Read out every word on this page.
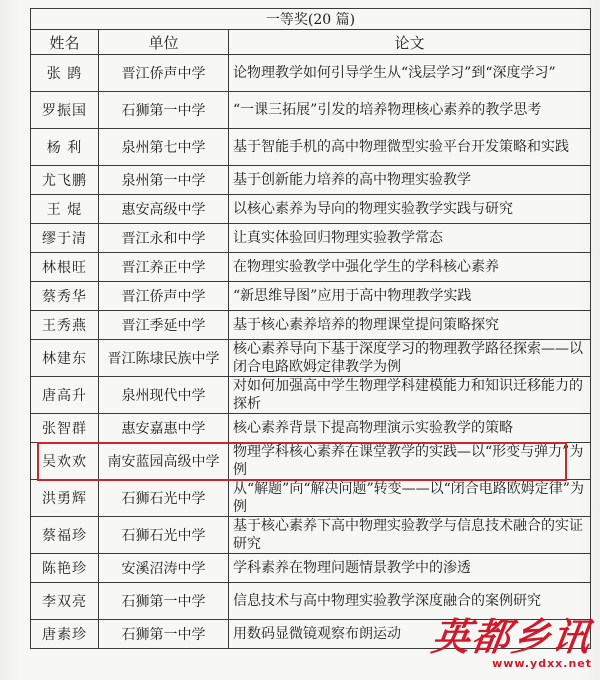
一等奖(20 篇)		
姓名	单位	论文
张 鹍	晋江侨声中学	论物理教学如何引导学生从“浅层学习”到“深度学习”
罗振国	石狮第一中学	“一课三拓展”引发的培养物理核心素养的教学思考
杨 利	泉州第七中学	基于智能手机的高中物理微型实验平台开发策略和实践
尤飞鹏	泉州第一中学	基于创新能力培养的高中物理实验教学
王 焜	惠安高级中学	以核心素养为导向的物理实验教学实践与研究
缪于清	晋江永和中学	让真实体验回归物理实验教学常态
林根旺	晋江养正中学	在物理实验教学中强化学生的学科核心素养
蔡秀华	晋江侨声中学	“新思维导图”应用于高中物理教学实践
王秀燕	晋江季延中学	基于核心素养培养的物理课堂提问策略探究
林建东	晋江陈埭民族中学	核心素养导向下基于深度学习的物理教学路径探索——以闭合电路欧姆定律教学为例
唐高升	泉州现代中学	对如何加强高中学生物理学科建模能力和知识迁移能力的探析
张智群	惠安嘉惠中学	核心素养背景下提高物理演示实验教学的策略
吴欢欢	南安蓝园高级中学	物理学科核心素养在课堂教学的实践—以“形变与弹力”为例
洪勇辉	石狮石光中学	从“解题”向“解决问题”转变——以“闭合电路欧姆定律”为例
蔡福珍	石狮石光中学	基于核心素养下高中物理实验教学与信息技术融合的实证研究
陈艳珍	安溪沼涛中学	学科素养在物理问题情景教学中的渗透
李双亮	石狮第一中学	信息技术与高中物理实验教学深度融合的案例研究
唐素珍	石狮第一中学	用数码显微镜观察布朗运动 英都乡讯
www.ydxx.net
